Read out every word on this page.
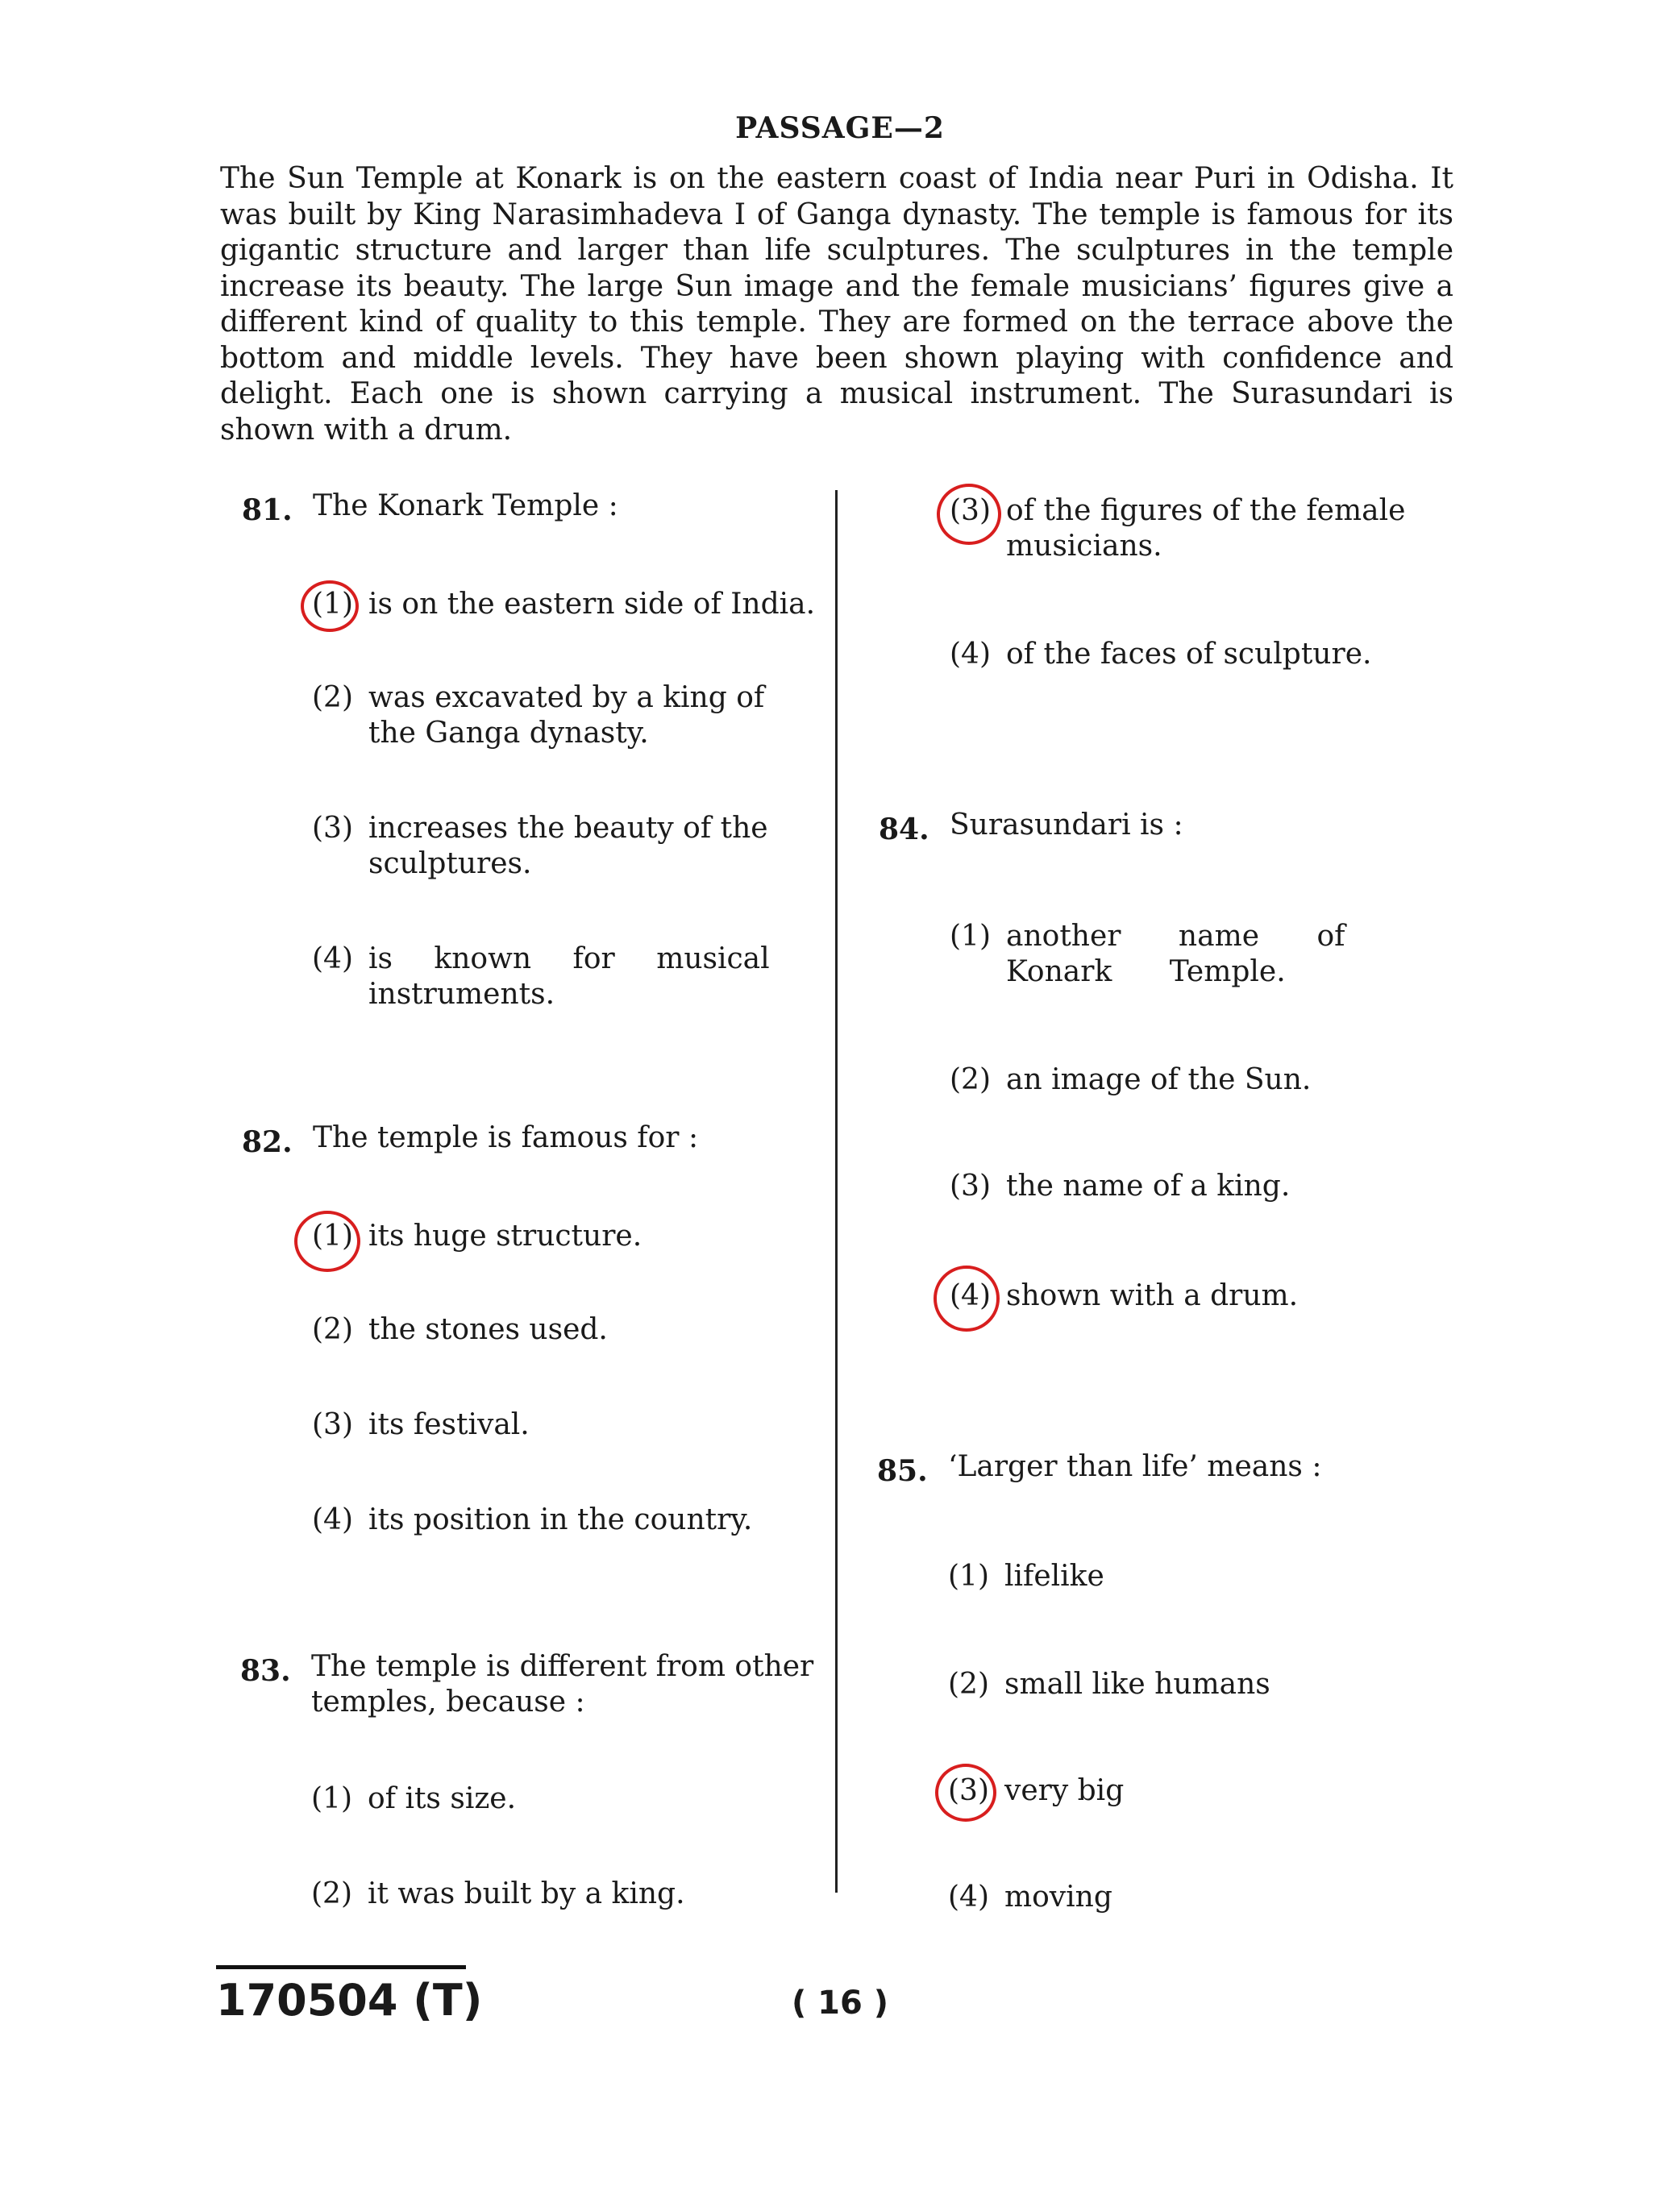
PASSAGE—2
The Sun Temple at Konark is on the eastern coast of India near Puri in Odisha. It
was built by King Narasimhadeva I of Ganga dynasty. The temple is famous for its
gigantic structure and larger than life sculptures. The sculptures in the temple
increase its beauty. The large Sun image and the female musicians’ figures give a
different kind of quality to this temple. They are formed on the terrace above the
bottom and middle levels. They have been shown playing with confidence and
delight. Each one is shown carrying a musical instrument. The Surasundari is
shown with a drum.
81. The Konark Temple :
(1) is on the eastern side of India.
(2) was excavated by a king of the Ganga dynasty.
(3) increases the beauty of the sculptures.
(4) is known for musical instruments.
82. The temple is famous for :
(1) its huge structure.
(2) the stones used.
(3) its festival.
(4) its position in the country.
83. The temple is different from other temples, because :
(1) of its size.
(2) it was built by a king.
(3) of the figures of the female musicians.
(4) of the faces of sculpture.
84. Surasundari is :
(1) another name of Konark Temple.
(2) an image of the Sun.
(3) the name of a king.
(4) shown with a drum.
85. ‘Larger than life’ means :
(1) lifelike
(2) small like humans
(3) very big
(4) moving
170504 (T)	( 16 )
